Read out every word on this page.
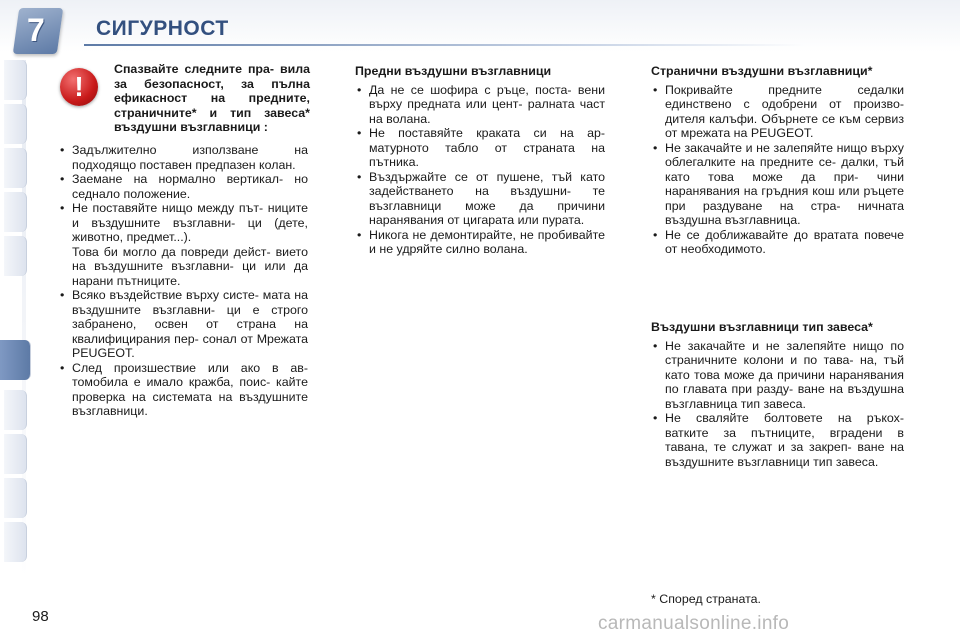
7	СИГУРНОСТ
!
Спазвайте следните пра- вила за безопасност, за пълна ефикасност на предните, страничните* и тип завеса* въздушни възглавници :
• Задължително използване на подходящо поставен предпазен колан.
• Заемане на нормално вертикал- но седнало положение.
• Не поставяйте нищо между път- ниците и въздушните възглавни- ци (дете, животно, предмет...).

Това би могло да повреди дейст- вието на въздушните възглавни- ци или да нарани пътниците.

• Всяко въздействие върху систе- мата на въздушните възглавни- ци е строго забранено, освен от страна на квалифицирания пер- сонал от Мрежата PEUGEOT.
• След произшествие или ако в ав- томобила е имало кражба, поис- кайте проверка на системата на въздушните възглавници.
Предни въздушни възглавници
• Да не се шофира с ръце, поста- вени върху предната или цент- ралната част на волана.
• Не поставяйте краката си на ар- матурното табло от страната на пътника.
• Въздържайте се от пушене, тъй като задействането на въздушни- те възглавници може да причини наранявания от цигарата или пурата.
• Никога не демонтирайте, не пробивайте и не удряйте силно волана.
Странични въздушни възглавници*
• Покривайте предните седалки единствено с одобрени от произво- дителя калъфи. Обърнете се към сервиз от мрежата на PEUGEOT.
• Не закачайте и не залепяйте нищо върху облегалките на предните се- далки, тъй като това може да при- чини наранявания на гръдния кош или ръцете при раздуване на стра- ничната въздушна възглавница.
• Не се доближавайте до вратата повече от необходимото.
Въздушни възглавници тип завеса*
• Не закачайте и не залепяйте нищо по страничните колони и по тава- на, тъй като това може да причини наранявания по главата при разду- ване на въздушна възглавница тип завеса.
• Не сваляйте болтовете на ръкох- ватките за пътниците, вградени в тавана, те служат и за закреп- ване на въздушните възглавници тип завеса.
* Според страната.
98	carmanualsonline.info
